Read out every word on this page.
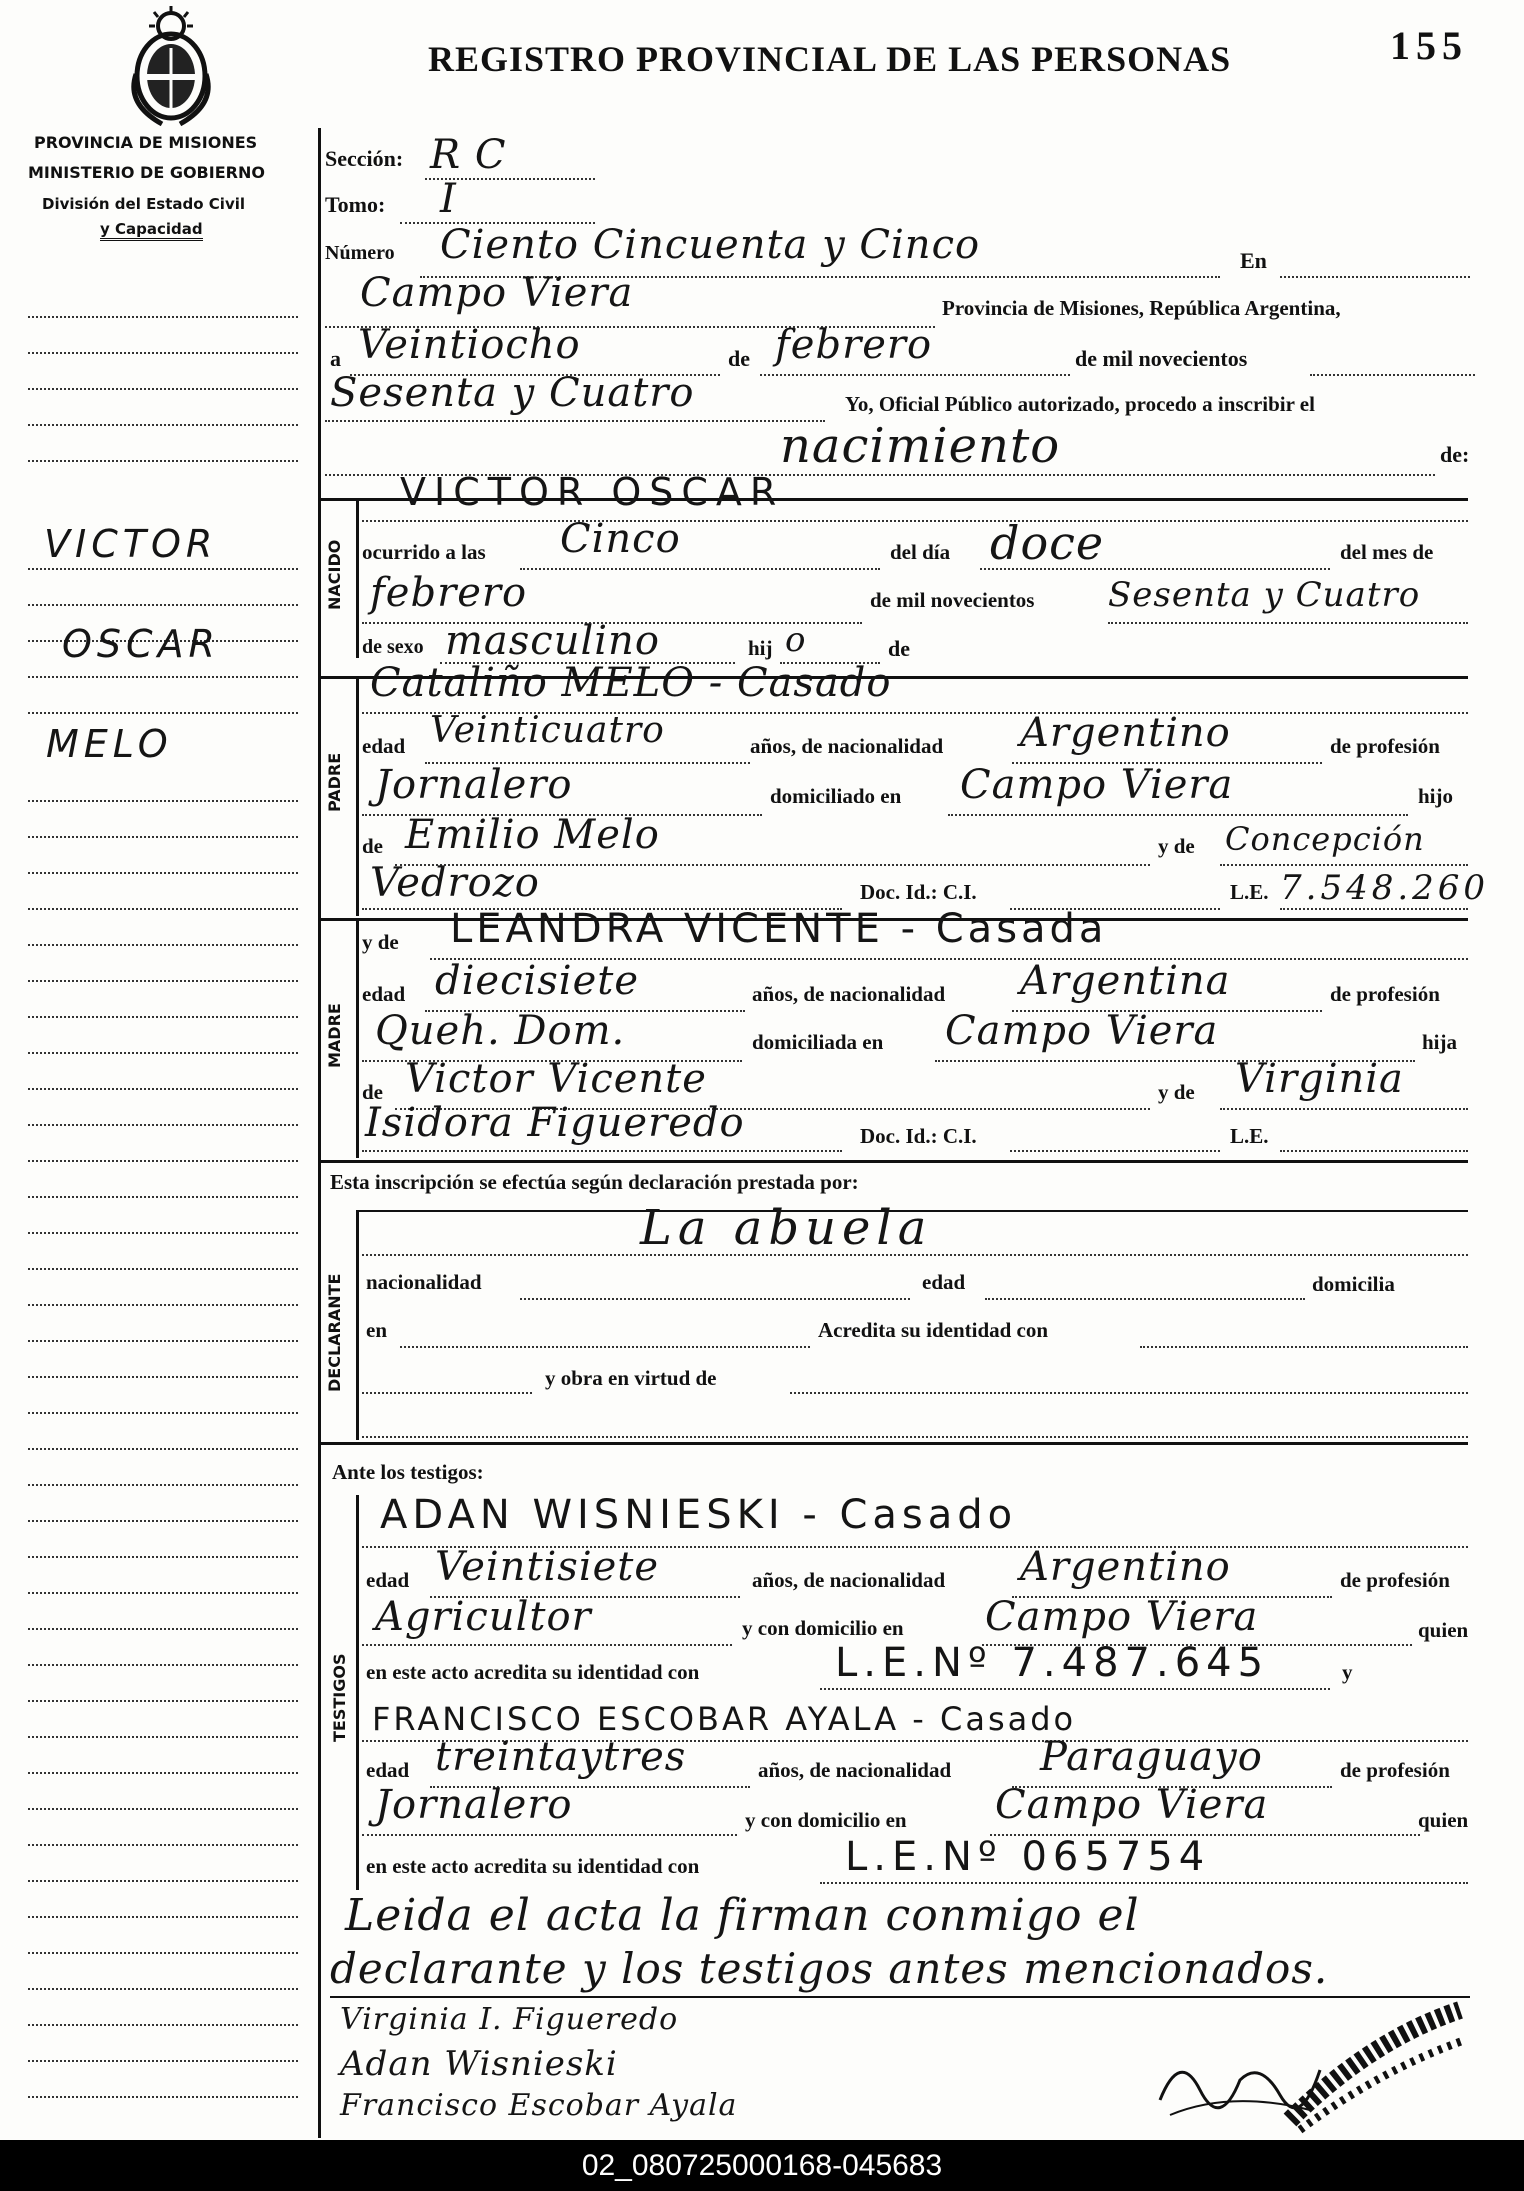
REGISTRO PROVINCIAL DE LAS PERSONAS	155
PROVINCIA DE MISIONES
MINISTERIO DE GOBIERNO
División del Estado Civil
y Capacidad
VICTOR
OSCAR
MELO
Sección: R C
Tomo: I
Número Ciento Cincuenta y Cinco	En
Campo Viera	Provincia de Misiones, República Argentina,
a Veintiocho	de febrero	de mil novecientos
Sesenta y Cuatro	Yo, Oficial Público autorizado, procedo a inscribir el
nacimiento	de:
NACIDO
VICTOR OSCAR
ocurrido a las Cinco	del día doce	del mes de
febrero	de mil novecientos Sesenta y Cuatro
de sexo masculino	hij o	de
PADRE
Cataliño MELO - Casado
edad Veinticuatro	años, de nacionalidad Argentino	de profesión
Jornalero	domiciliado en Campo Viera	hijo
de Emilio Melo	y de Concepción
Vedrozo	Doc. Id.: C.I.	L.E. 7.548.260
MADRE
y de LEANDRA VICENTE - Casada
edad diecisiete	años, de nacionalidad Argentina	de profesión
Queh. Dom.	domiciliada en Campo Viera	hija
de Victor Vicente	y de Virginia
Isidora Figueredo	Doc. Id.: C.I.	L.E.
Esta inscripción se efectúa según declaración prestada por:
DECLARANTE
La abuela
nacionalidad	edad	domicilia
en	Acredita su identidad con
y obra en virtud de
Ante los testigos:
TESTIGOS
ADAN WISNIESKI - Casado
edad Veintisiete	años, de nacionalidad Argentino	de profesión
Agricultor	y con domicilio en Campo Viera	quien
en este acto acredita su identidad con	L.E.Nº 7.487.645	y
FRANCISCO ESCOBAR AYALA - Casado
edad treintaytres	años, de nacionalidad Paraguayo	de profesión
Jornalero	y con domicilio en Campo Viera	quien
en este acto acredita su identidad con	L.E.Nº 065754
Leida el acta la firman conmigo el
declarante y los testigos antes mencionados.
Virginia I. Figueredo
Adan Wisnieski
Francisco Escobar Ayala
02_080725000168-045683
